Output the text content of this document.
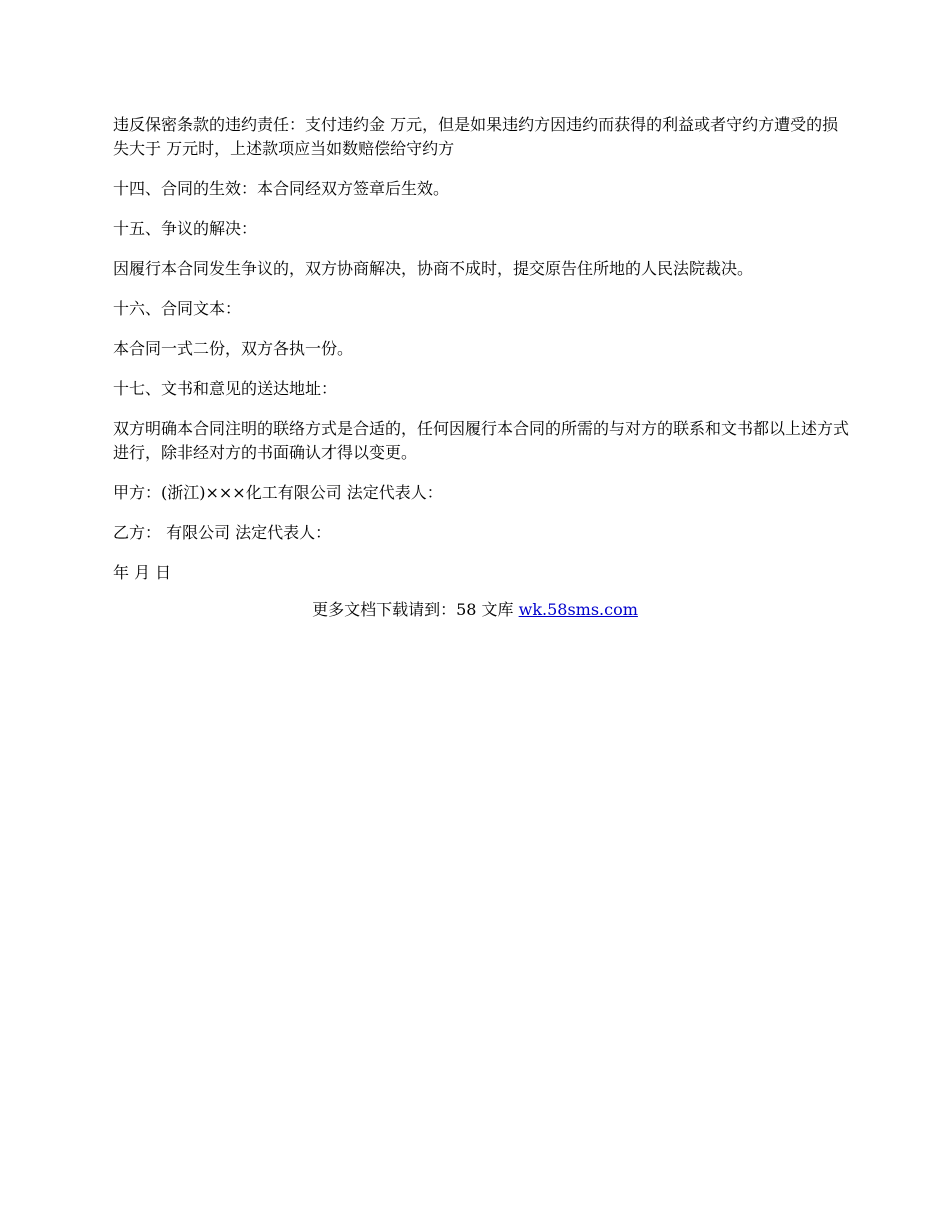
违反保密条款的违约责任：支付违约金 万元，但是如果违约方因违约而获得的利益或者守约方遭受的损失大于 万元时，上述款项应当如数赔偿给守约方

十四、合同的生效：本合同经双方签章后生效。

十五、争议的解决：

因履行本合同发生争议的，双方协商解决，协商不成时，提交原告住所地的人民法院裁决。

十六、合同文本：

本合同一式二份，双方各执一份。

十七、文书和意见的送达地址：

双方明确本合同注明的联络方式是合适的，任何因履行本合同的所需的与对方的联系和文书都以上述方式进行，除非经对方的书面确认才得以变更。

甲方：(浙江)×××化工有限公司 法定代表人：

乙方： 有限公司 法定代表人：

年 月 日

更多文档下载请到：58 文库 wk.58sms.com
